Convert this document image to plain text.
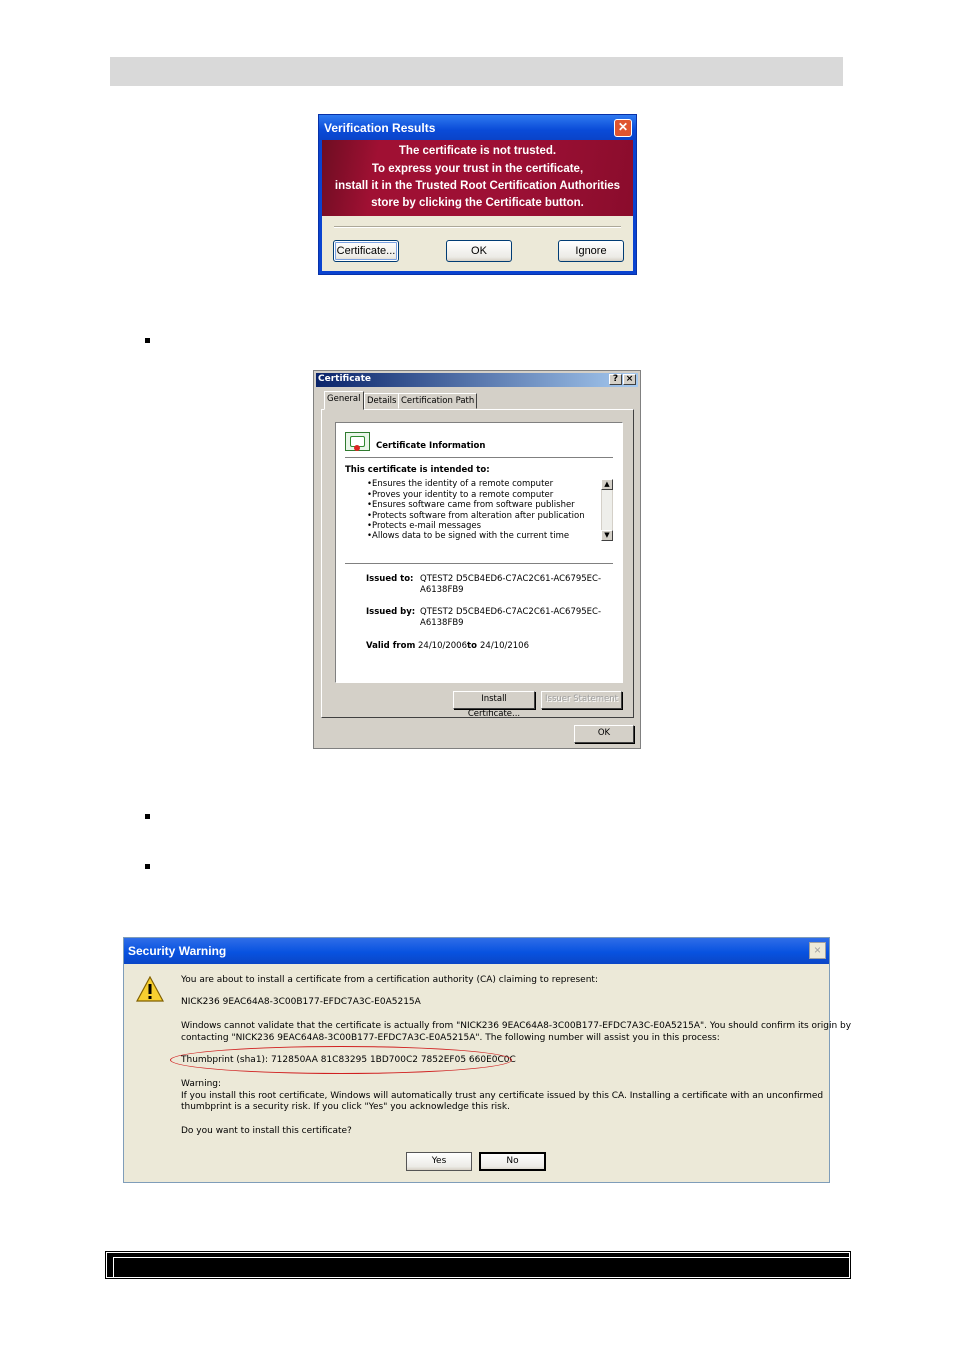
Verification Results	✕
The certificate is not trusted.
To express your trust in the certificate,
install it in the Trusted Root Certification Authorities
store by clicking the Certificate button.
Certificate...	OK	Ignore
Certificate	? ×
General Details Certification Path
Certificate Information
This certificate is intended to:
•Ensures the identity of a remote computer
•Proves your identity to a remote computer
•Ensures software came from software publisher
•Protects software from alteration after publication
•Protects e-mail messages
•Allows data to be signed with the current time
▲
▼
Issued to: QTEST2 D5CB4ED6-C7AC2C61-AC6795EC-
A6138FB9
Issued by: QTEST2 D5CB4ED6-C7AC2C61-AC6795EC-
A6138FB9
Valid from 24/10/2006 to 24/10/2106
Install Certificate...
Issuer Statement
OK
Security Warning	×
You are about to install a certificate from a certification authority (CA) claiming to represent:
NICK236 9EAC64A8-3C00B177-EFDC7A3C-E0A5215A
Windows cannot validate that the certificate is actually from "NICK236 9EAC64A8-3C00B177-EFDC7A3C-E0A5215A". You should confirm its origin by
contacting "NICK236 9EAC64A8-3C00B177-EFDC7A3C-E0A5215A". The following number will assist you in this process:
Thumbprint (sha1): 712850AA 81C83295 1BD700C2 7852EF05 660E0C0C
Warning:
If you install this root certificate, Windows will automatically trust any certificate issued by this CA. Installing a certificate with an unconfirmed
thumbprint is a security risk. If you click "Yes" you acknowledge this risk.
Do you want to install this certificate?
Yes	No
